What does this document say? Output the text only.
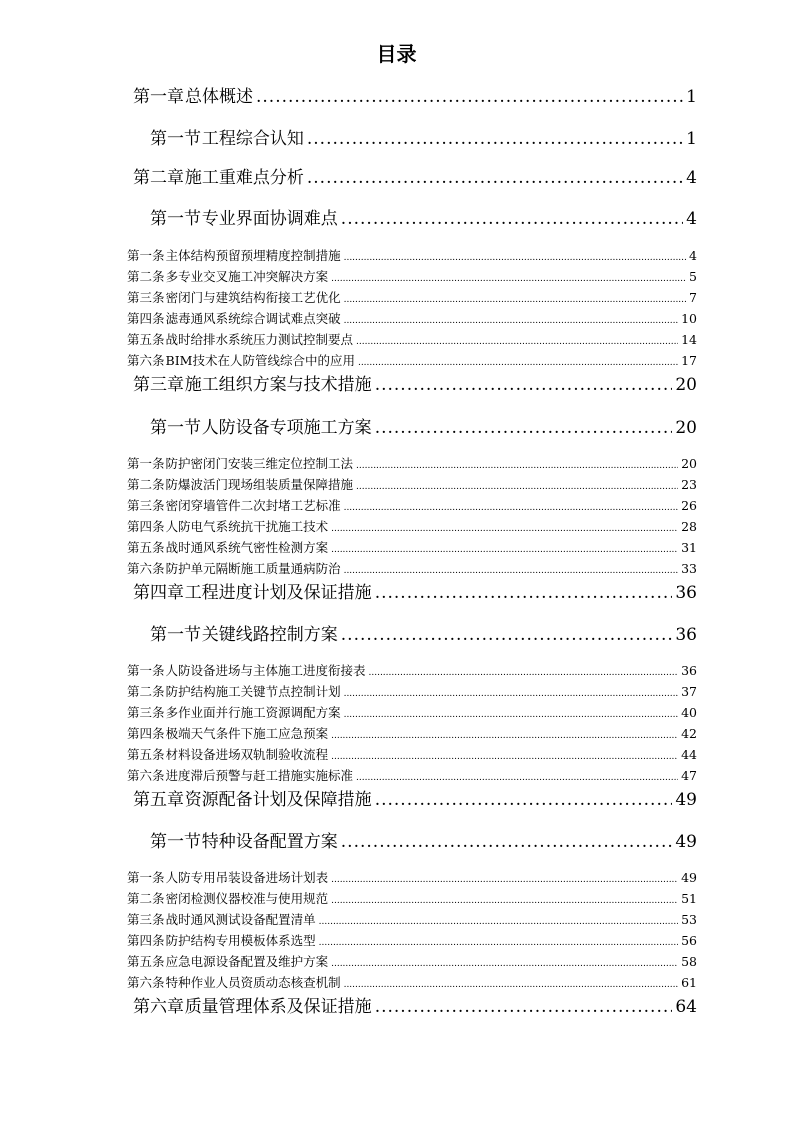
目录
第一章 总体概述 .....	1
第一节 工程综合认知 .....	1
第二章 施工重难点分析 .....	4
第一节 专业界面协调难点 .....	4
第一条 主体结构预留预埋精度控制措施 .....	4
第二条 多专业交叉施工冲突解决方案 .....	5
第三条 密闭门与建筑结构衔接工艺优化 .....	7
第四条 滤毒通风系统综合调试难点突破 .....	10
第五条 战时给排水系统压力测试控制要点 .....	14
第六条 BIM技术在人防管线综合中的应用 .....	17
第三章 施工组织方案与技术措施 .....	20
第一节 人防设备专项施工方案 .....	20
第一条 防护密闭门安装三维定位控制工法 .....	20
第二条 防爆波活门现场组装质量保障措施 .....	23
第三条 密闭穿墙管件二次封堵工艺标准 .....	26
第四条 人防电气系统抗干扰施工技术 .....	28
第五条 战时通风系统气密性检测方案 .....	31
第六条 防护单元隔断施工质量通病防治 .....	33
第四章 工程进度计划及保证措施 .....	36
第一节 关键线路控制方案 .....	36
第一条 人防设备进场与主体施工进度衔接表 .....	36
第二条 防护结构施工关键节点控制计划 .....	37
第三条 多作业面并行施工资源调配方案 .....	40
第四条 极端天气条件下施工应急预案 .....	42
第五条 材料设备进场双轨制验收流程 .....	44
第六条 进度滞后预警与赶工措施实施标准 .....	47
第五章 资源配备计划及保障措施 .....	49
第一节 特种设备配置方案 .....	49
第一条 人防专用吊装设备进场计划表 .....	49
第二条 密闭检测仪器校准与使用规范 .....	51
第三条 战时通风测试设备配置清单 .....	53
第四条 防护结构专用模板体系选型 .....	56
第五条 应急电源设备配置及维护方案 .....	58
第六条 特种作业人员资质动态核查机制 .....	61
第六章 质量管理体系及保证措施 .....	64
